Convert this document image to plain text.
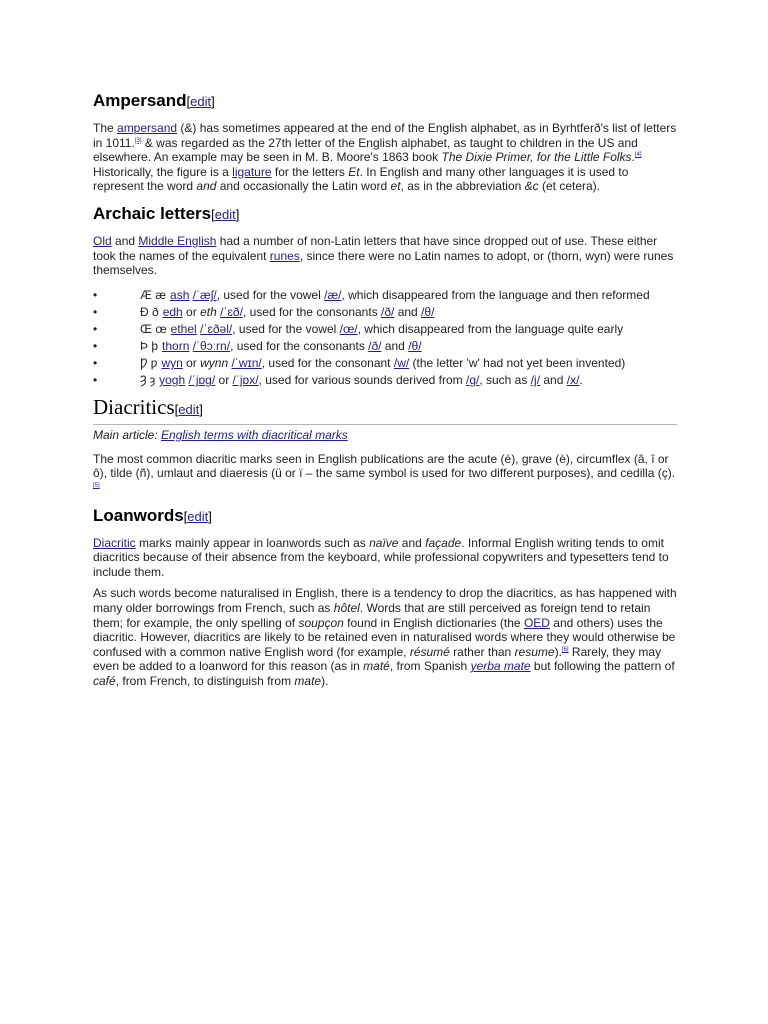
Ampersand[edit]

The ampersand (&) has sometimes appeared at the end of the English alphabet, as in Byrhtferð's list of letters in 1011.[3] & was regarded as the 27th letter of the English alphabet, as taught to children in the US and elsewhere. An example may be seen in M. B. Moore's 1863 book The Dixie Primer, for the Little Folks.[4] Historically, the figure is a ligature for the letters Et. In English and many other languages it is used to represent the word and and occasionally the Latin word et, as in the abbreviation &c (et cetera).

Archaic letters[edit]

Old and Middle English had a number of non-Latin letters that have since dropped out of use. These either took the names of the equivalent runes, since there were no Latin names to adopt, or (thorn, wyn) were runes themselves.

•	Æ æ ash /ˈæʃ/, used for the vowel /æ/, which disappeared from the language and then reformed
•	Ð ð edh or eth /ˈɛð/, used for the consonants /ð/ and /θ/
•	Œ œ ethel /ˈɛðəl/, used for the vowel /œ/, which disappeared from the language quite early
•	Þ þ thorn /ˈθɔːrn/, used for the consonants /ð/ and /θ/
•	Ƿ ƿ wyn or wynn /ˈwɪn/, used for the consonant /w/ (the letter 'w' had not yet been invented)
•	Ȝ ȝ yogh /ˈjɒɡ/ or /ˈjɒx/, used for various sounds derived from /ɡ/, such as /j/ and /x/.
Diacritics[edit]
Main article: English terms with diacritical marks

The most common diacritic marks seen in English publications are the acute (é), grave (è), circumflex (â, î or ô), tilde (ñ), umlaut and diaeresis (ü or ï – the same symbol is used for two different purposes), and cedilla (ç).[5]

Loanwords[edit]

Diacritic marks mainly appear in loanwords such as naïve and façade. Informal English writing tends to omit diacritics because of their absence from the keyboard, while professional copywriters and typesetters tend to include them.

As such words become naturalised in English, there is a tendency to drop the diacritics, as has happened with many older borrowings from French, such as hôtel. Words that are still perceived as foreign tend to retain them; for example, the only spelling of soupçon found in English dictionaries (the OED and others) uses the diacritic. However, diacritics are likely to be retained even in naturalised words where they would otherwise be confused with a common native English word (for example, résumé rather than resume).[6] Rarely, they may even be added to a loanword for this reason (as in maté, from Spanish yerba mate but following the pattern of café, from French, to distinguish from mate).
